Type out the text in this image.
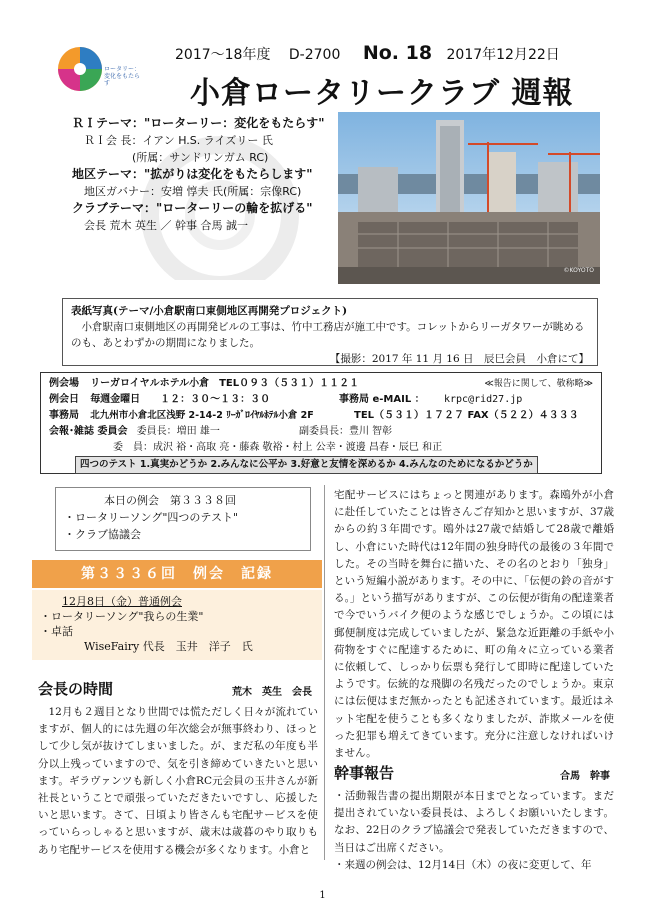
ロータリー：変化をもたらす
2017～18年度 D-2700 No. 18 2017年12月22日
小倉ロータリークラブ 週報
ＲＩテーマ："ローターリー：変化をもたらす"
ＲＩ会 長：イアン H.S. ライズリー 氏
(所属：サンドリンガム RC)
地区テーマ："拡がりは変化をもたらします"
地区ガバナー：安増 惇夫 氏(所属：宗像RC)
クラブテーマ："ローターリーの輪を拡げる"
会長 荒木 英生 ／ 幹事 合馬 誠一
©KOYOTO
表紙写真(テーマ/小倉駅南口東側地区再開発プロジェクト)
小倉駅南口東側地区の再開発ビルの工事は、竹中工務店が施工中です。コレットからリーガタワーが眺めるのも、あとわずかの期間になりました。
【撮影：2017 年 11 月 16 日　辰巳会員　小倉にて】
例会場 リーガロイヤルホテル小倉　TEL０９３（５３１）１１２１	≪報告に関して、敬称略≫
例会日 毎週金曜日　　１２：３０～１３：３０	事務局 e-MAIL ： krpc@rid27.jp
事務局 北九州市小倉北区浅野 2-14-2 ﾘｰｶﾞﾛｲﾔﾙﾎﾃﾙ小倉 2F	TEL（５３１）１７２７ FAX（５２２）４３３３
会報･雑誌 委員会 委員長：増田 雄一	副委員長：豊川 智彰
委　員：成沢 裕・高取 亮・藤森 敬裕・村上 公幸・渡邊 昌春・辰巳 和正
四つのテスト 1.真実かどうか 2.みんなに公平か 3.好意と友情を深めるか 4.みんなのためになるかどうか
本日の例会　第３３３８回
・ロータリーソング"四つのテスト"
・クラブ協議会
第３３３６回　例会　記録
12月8日（金）普通例会
・ロータリーソング"我らの生業"
・卓話
WiseFairy 代長　玉井　洋子　氏
会長の時間	荒木　英生　会長
12月も２週目となり世間では慌ただしく日々が流れていますが、個人的には先週の年次総会が無事終わり、ほっとして少し気が抜けてしまいました。が、まだ私の年度も半分以上残っていますので、気を引き締めていきたいと思います。ギラヴァンツも新しく小倉RC元会員の玉井さんが新社長ということで頑張っていただきたいですし、応援したいと思います。さて、日頃より皆さんも宅配サービスを使っていらっしゃると思いますが、歳末は歳暮のやり取りもあり宅配サービスを使用する機会が多くなります。小倉と
宅配サービスにはちょっと関連があります。森鴎外が小倉に赴任していたことは皆さんご存知かと思いますが、37歳からの約３年間です。鴎外は27歳で結婚して28歳で離婚し、小倉にいた時代は12年間の独身時代の最後の３年間でした。その当時を舞台に描いた、その名のとおり「独身」という短編小説があります。その中に、「伝便の鈴の音がする。」という描写がありますが、この伝便が街角の配達業者で今でいうバイク便のような感じでしょうか。この頃には郵便制度は完成していましたが、緊急な近距離の手紙や小荷物をすぐに配達するために、町の角々に立っている業者に依頼して、しっかり伝票も発行して即時に配達していたようです。伝統的な飛脚の名残だったのでしょうか。東京には伝便はまだ無かったとも記述されています。最近はネット宅配を使うことも多くなりましたが、詐欺メールを使った犯罪も増えてきています。充分に注意しなければいけません。
幹事報告	合馬　幹事
・活動報告書の提出期限が本日までとなっています。まだ提出されていない委員長は、よろしくお願いいたします。なお、22日のクラブ協議会で発表していただきますので、当日はご出席ください。
・来週の例会は、12月14日（木）の夜に変更して、年
1
